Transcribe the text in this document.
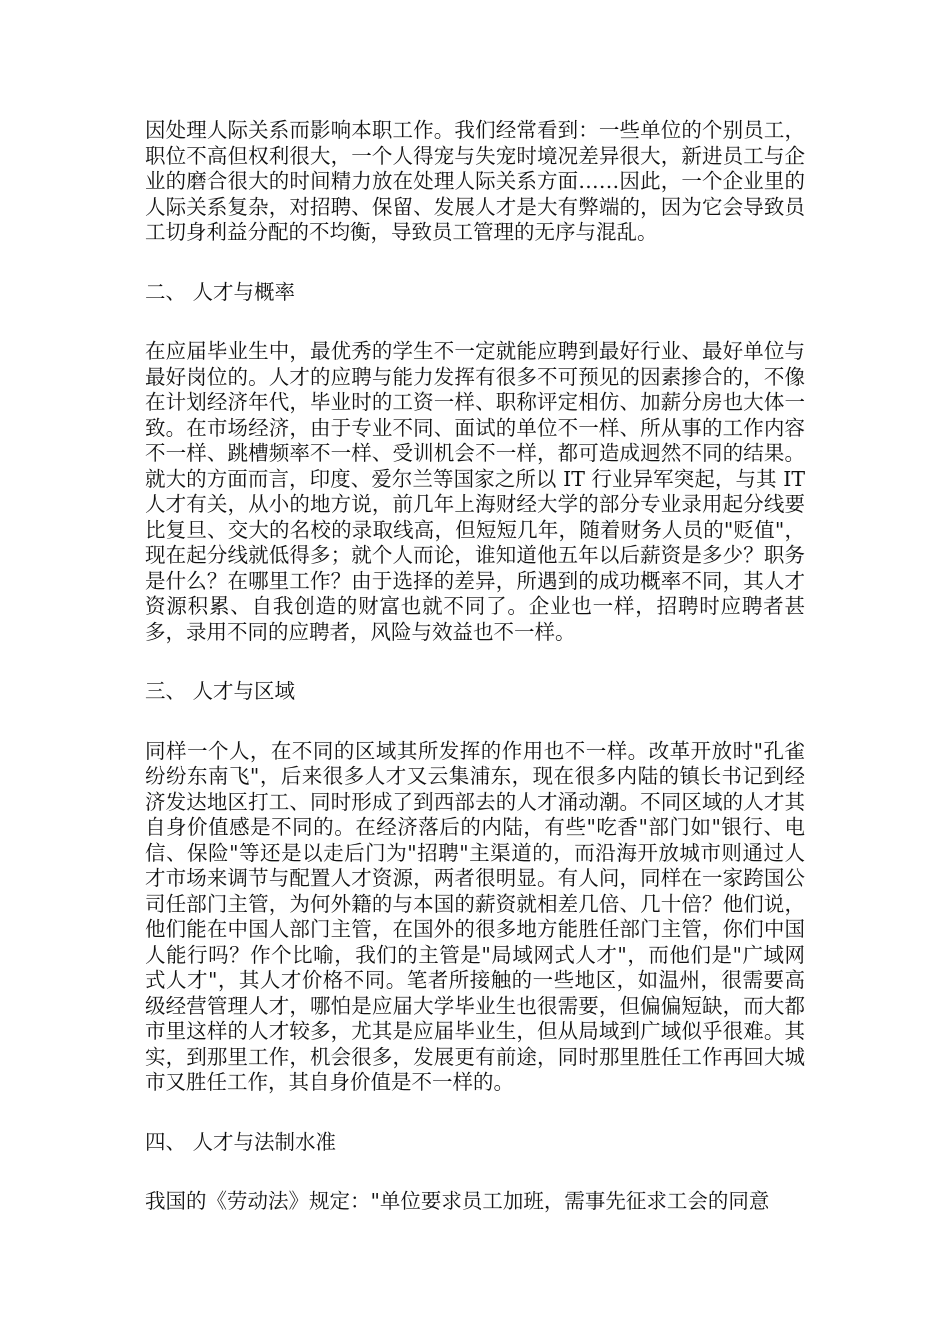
因处理人际关系而影响本职工作。我们经常看到：一些单位的个别员工，职位不高但权利很大，一个人得宠与失宠时境况差异很大，新进员工与企业的磨合很大的时间精力放在处理人际关系方面……因此，一个企业里的人际关系复杂，对招聘、保留、发展人才是大有弊端的，因为它会导致员工切身利益分配的不均衡，导致员工管理的无序与混乱。

二、 人才与概率

在应届毕业生中，最优秀的学生不一定就能应聘到最好行业、最好单位与最好岗位的。人才的应聘与能力发挥有很多不可预见的因素掺合的，不像在计划经济年代，毕业时的工资一样、职称评定相仿、加薪分房也大体一致。在市场经济，由于专业不同、面试的单位不一样、所从事的工作内容不一样、跳槽频率不一样、受训机会不一样，都可造成迥然不同的结果。就大的方面而言，印度、爱尔兰等国家之所以 IT 行业异军突起，与其 IT 人才有关，从小的地方说，前几年上海财经大学的部分专业录用起分线要比复旦、交大的名校的录取线高，但短短几年，随着财务人员的"贬值"，现在起分线就低得多；就个人而论，谁知道他五年以后薪资是多少？职务是什么？在哪里工作？由于选择的差异，所遇到的成功概率不同，其人才资源积累、自我创造的财富也就不同了。企业也一样，招聘时应聘者甚多，录用不同的应聘者，风险与效益也不一样。

三、 人才与区域

同样一个人，在不同的区域其所发挥的作用也不一样。改革开放时"孔雀纷纷东南飞"，后来很多人才又云集浦东，现在很多内陆的镇长书记到经济发达地区打工、同时形成了到西部去的人才涌动潮。不同区域的人才其自身价值感是不同的。在经济落后的内陆，有些"吃香"部门如"银行、电信、保险"等还是以走后门为"招聘"主渠道的，而沿海开放城市则通过人才市场来调节与配置人才资源，两者很明显。有人问，同样在一家跨国公司任部门主管，为何外籍的与本国的薪资就相差几倍、几十倍？他们说，他们能在中国人部门主管，在国外的很多地方能胜任部门主管，你们中国人能行吗？作个比喻，我们的主管是"局域网式人才"，而他们是"广域网式人才"，其人才价格不同。笔者所接触的一些地区，如温州，很需要高级经营管理人才，哪怕是应届大学毕业生也很需要，但偏偏短缺，而大都市里这样的人才较多，尤其是应届毕业生，但从局域到广域似乎很难。其实，到那里工作，机会很多，发展更有前途，同时那里胜任工作再回大城市又胜任工作，其自身价值是不一样的。

四、 人才与法制水准

我国的《劳动法》规定："单位要求员工加班，需事先征求工会的同意
